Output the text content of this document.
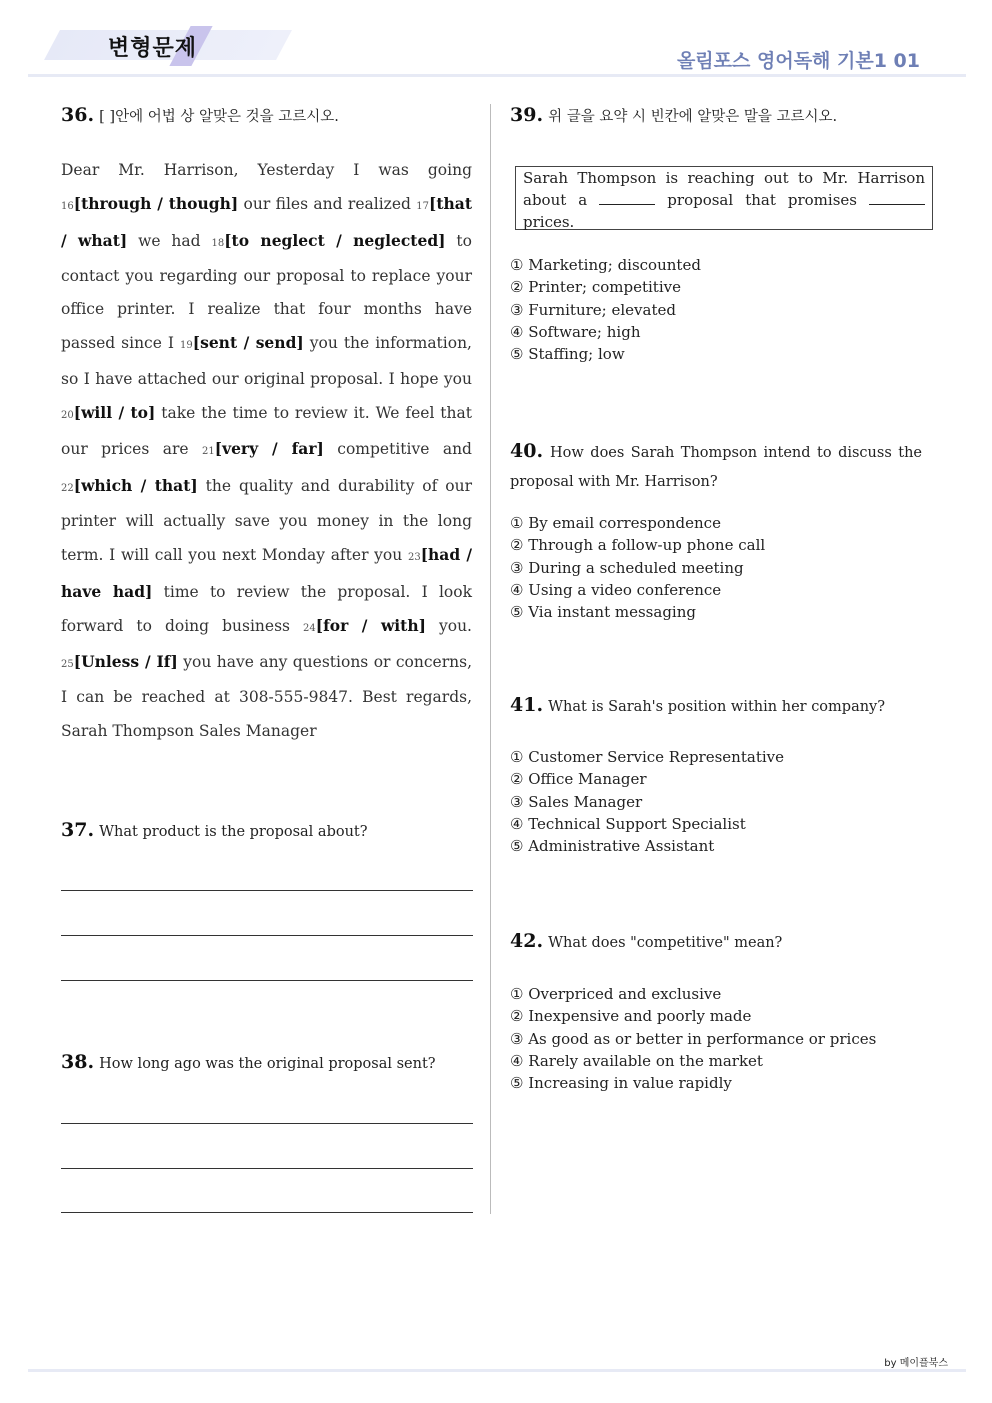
변형문제	올림포스 영어독해 기본1 01
36. [ ]안에 어법 상 알맞은 것을 고르시오.
Dear Mr. Harrison, Yesterday I was going 16[through / though] our files and realized 17[that / what] we had 18[to neglect / neglected] to contact you regarding our proposal to replace your office printer. I realize that four months have passed since I 19[sent / send] you the information, so I have attached our original proposal. I hope you 20[will / to] take the time to review it. We feel that our prices are 21[very / far] competitive and 22[which / that] the quality and durability of our printer will actually save you money in the long term. I will call you next Monday after you 23[had / have had] time to review the proposal. I look forward to doing business 24[for / with] you. 25[Unless / If] you have any questions or concerns, I can be reached at 308-555-9847. Best regards, Sarah Thompson Sales Manager
37. What product is the proposal about?
38. How long ago was the original proposal sent?
39. 위 글을 요약 시 빈칸에 알맞은 말을 고르시오.
Sarah Thompson is reaching out to Mr. Harrison about a	proposal that promises  prices.
① Marketing; discounted
② Printer; competitive
③ Furniture; elevated
④ Software; high
⑤ Staffing; low
40. How does Sarah Thompson intend to discuss the proposal with Mr. Harrison?
① By email correspondence
② Through a follow-up phone call
③ During a scheduled meeting
④ Using a video conference
⑤ Via instant messaging
41. What is Sarah's position within her company?
① Customer Service Representative
② Office Manager
③ Sales Manager
④ Technical Support Specialist
⑤ Administrative Assistant
42. What does "competitive" mean?
① Overpriced and exclusive
② Inexpensive and poorly made
③ As good as or better in performance or prices
④ Rarely available on the market
⑤ Increasing in value rapidly
by 메이플북스
